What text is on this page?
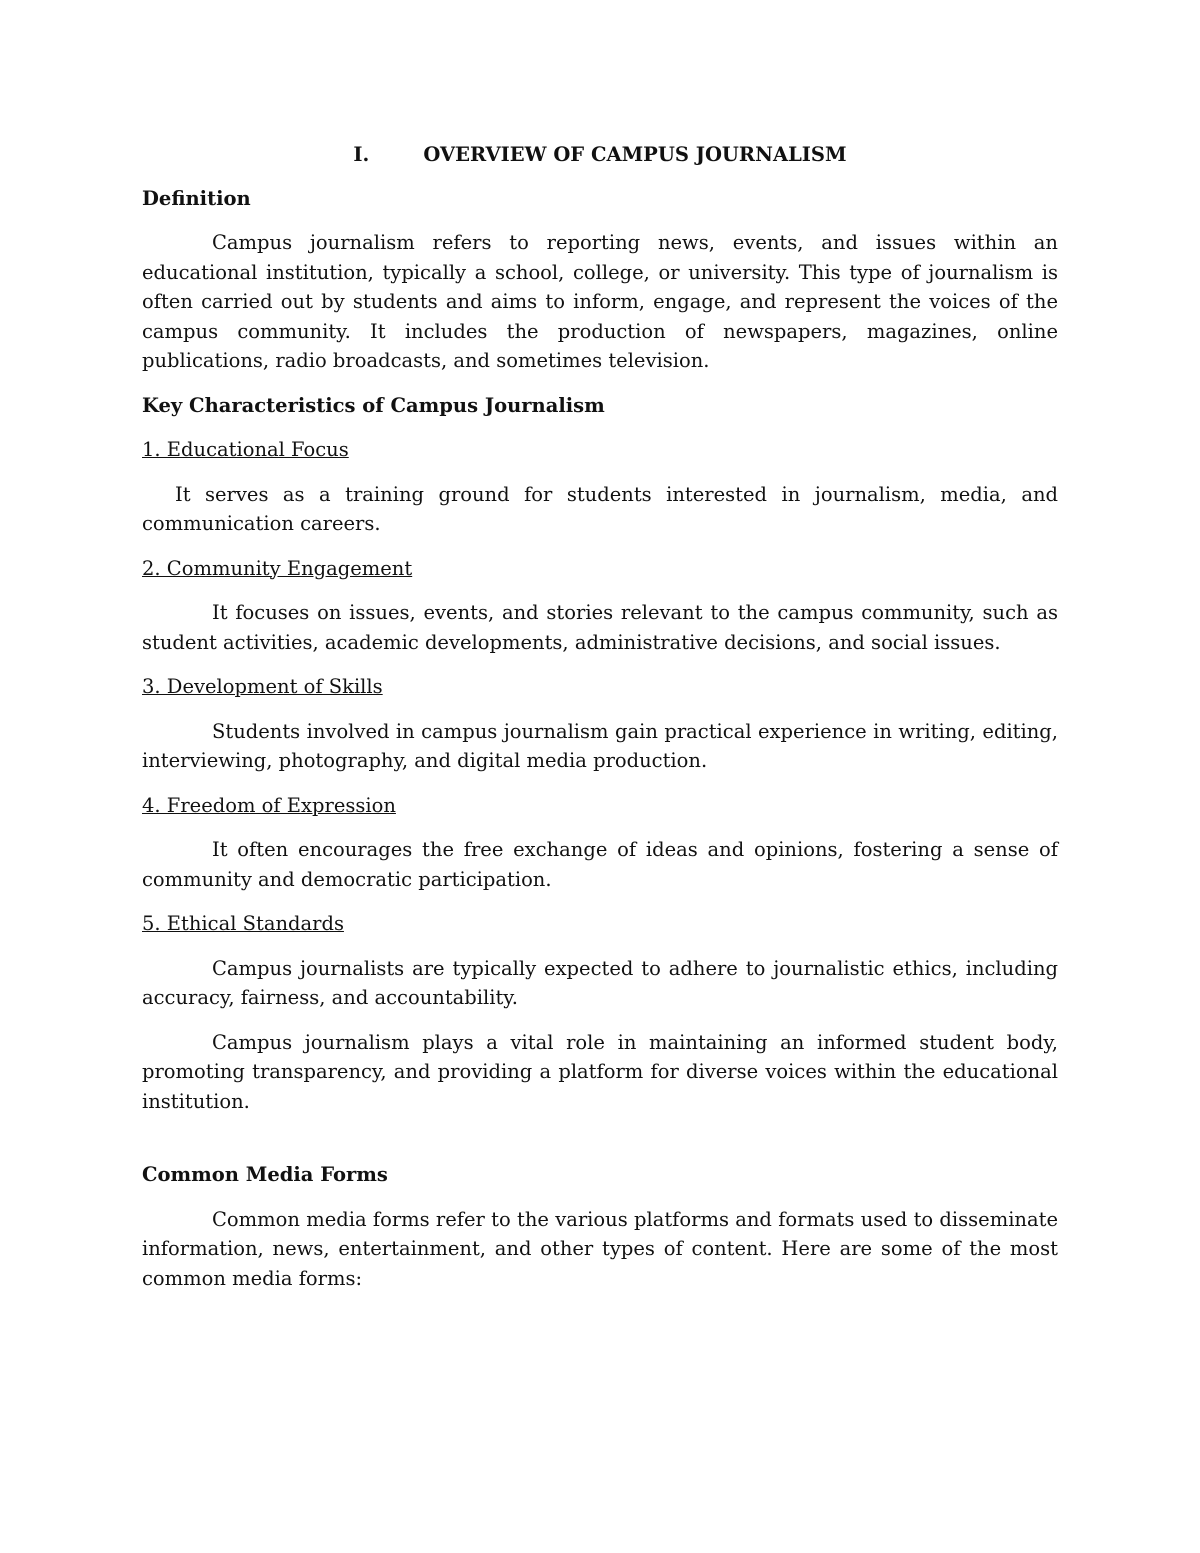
I.	OVERVIEW OF CAMPUS JOURNALISM
Definition

Campus journalism refers to reporting news, events, and issues within an educational institution, typically a school, college, or university. This type of journalism is often carried out by students and aims to inform, engage, and represent the voices of the campus community. It includes the production of newspapers, magazines, online publications, radio broadcasts, and sometimes television.

Key Characteristics of Campus Journalism
1. Educational Focus

It serves as a training ground for students interested in journalism, media, and communication careers.

2. Community Engagement

It focuses on issues, events, and stories relevant to the campus community, such as student activities, academic developments, administrative decisions, and social issues.

3. Development of Skills

Students involved in campus journalism gain practical experience in writing, editing, interviewing, photography, and digital media production.

4. Freedom of Expression

It often encourages the free exchange of ideas and opinions, fostering a sense of community and democratic participation.

5. Ethical Standards

Campus journalists are typically expected to adhere to journalistic ethics, including accuracy, fairness, and accountability.

Campus journalism plays a vital role in maintaining an informed student body, promoting transparency, and providing a platform for diverse voices within the educational institution.

Common Media Forms

Common media forms refer to the various platforms and formats used to disseminate information, news, entertainment, and other types of content. Here are some of the most common media forms:
